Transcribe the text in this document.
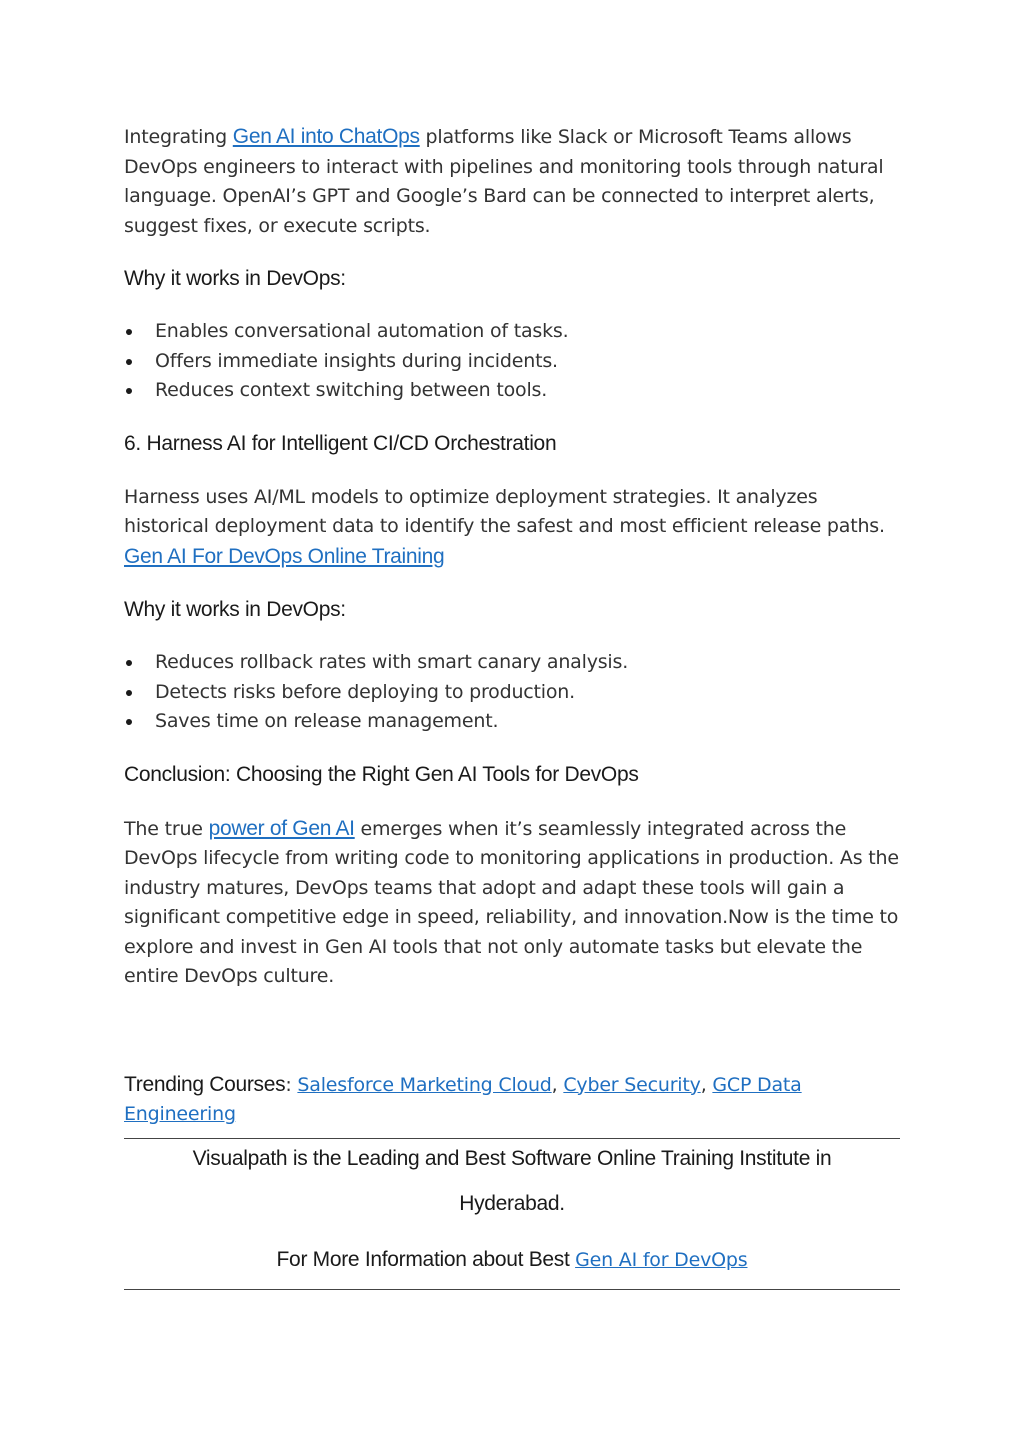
Integrating Gen AI into ChatOps platforms like Slack or Microsoft Teams allows DevOps engineers to interact with pipelines and monitoring tools through natural language. OpenAI’s GPT and Google’s Bard can be connected to interpret alerts, suggest fixes, or execute scripts.

Why it works in DevOps:

Enables conversational automation of tasks.
Offers immediate insights during incidents.
Reduces context switching between tools.

6. Harness AI for Intelligent CI/CD Orchestration

Harness uses AI/ML models to optimize deployment strategies. It analyzes historical deployment data to identify the safest and most efficient release paths. Gen AI For DevOps Online Training

Why it works in DevOps:

Reduces rollback rates with smart canary analysis.
Detects risks before deploying to production.
Saves time on release management.

Conclusion: Choosing the Right Gen AI Tools for DevOps

The true power of Gen AI emerges when it’s seamlessly integrated across the DevOps lifecycle from writing code to monitoring applications in production. As the industry matures, DevOps teams that adopt and adapt these tools will gain a significant competitive edge in speed, reliability, and innovation.Now is the time to explore and invest in Gen AI tools that not only automate tasks but elevate the entire DevOps culture.

Trending Courses: Salesforce Marketing Cloud, Cyber Security, GCP Data Engineering

Visualpath is the Leading and Best Software Online Training Institute in

Hyderabad.

For More Information about Best Gen AI for DevOps
